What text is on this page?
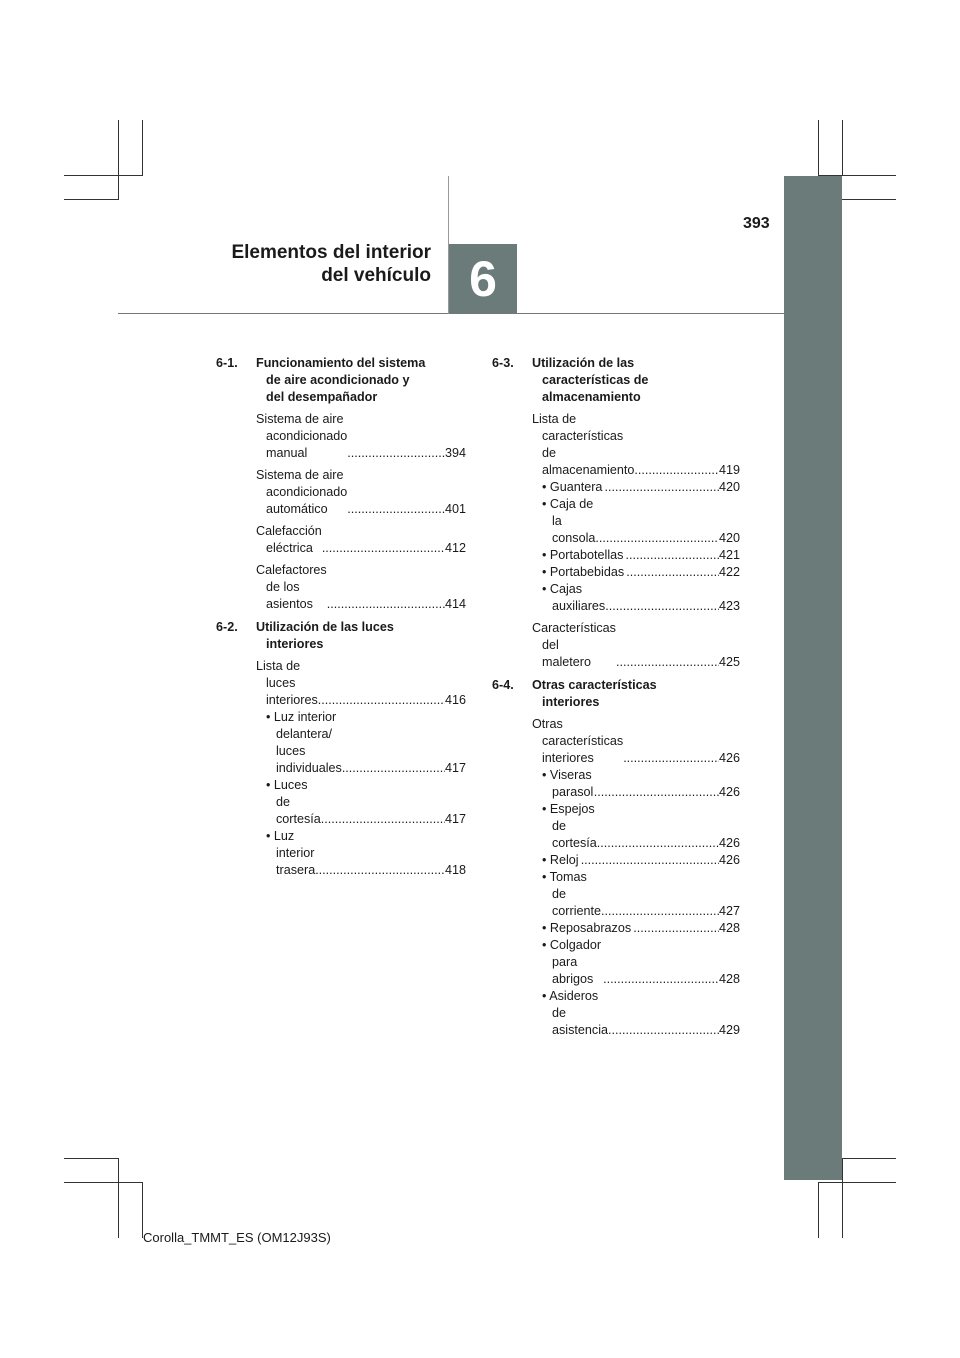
393
6
Elementos del interior
del vehículo
6-1.	Funcionamiento del sistema
de aire acondicionado y
del desempañador
Sistema de aire
acondicionado manual .....	394
Sistema de aire
acondicionado
automático .....	401
Calefacción eléctrica .....	412
Calefactores de los
asientos .....	414
6-2.	Utilización de las luces
interiores
Lista de luces interiores .....	416
• Luz interior delantera/
luces individuales .....	417
• Luces de cortesía .....	417
• Luz interior trasera .....	418
6-3.	Utilización de las
características de
almacenamiento
Lista de características de
almacenamiento .....	419
• Guantera .....	420
• Caja de la consola .....	420
• Portabotellas .....	421
• Portabebidas .....	422
• Cajas auxiliares .....	423
Características del
maletero .....	425
6-4.	Otras características
interiores
Otras características
interiores .....	426
• Viseras parasol .....	426
• Espejos de cortesía .....	426
• Reloj .....	426
• Tomas de corriente .....	427
• Reposabrazos .....	428
• Colgador para abrigos .....	428
• Asideros de asistencia .....	429
Corolla_TMMT_ES (OM12J93S)
